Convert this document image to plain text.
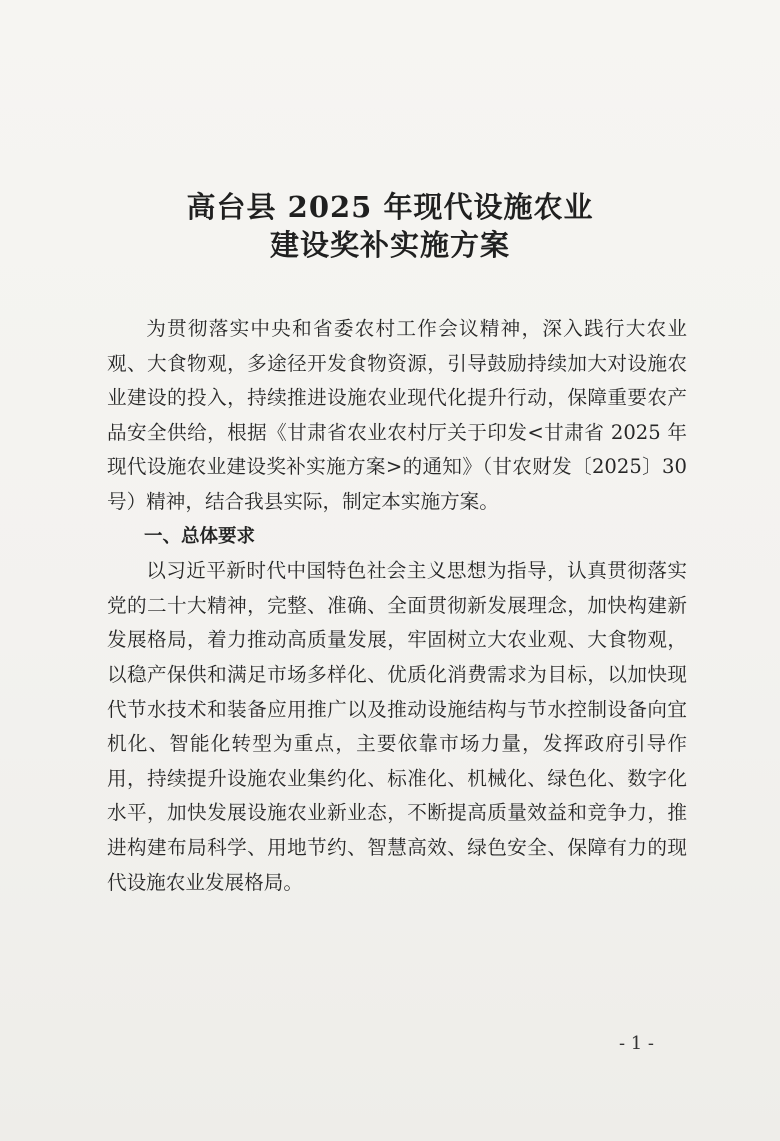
高台县 2025 年现代设施农业
建设奖补实施方案

为贯彻落实中央和省委农村工作会议精神，深入践行大农业观、大食物观，多途径开发食物资源，引导鼓励持续加大对设施农业建设的投入，持续推进设施农业现代化提升行动，保障重要农产品安全供给，根据《甘肃省农业农村厅关于印发<甘肃省 2025 年现代设施农业建设奖补实施方案>的通知》（甘农财发〔2025〕30 号）精神，结合我县实际，制定本实施方案。

一、总体要求

以习近平新时代中国特色社会主义思想为指导，认真贯彻落实党的二十大精神，完整、准确、全面贯彻新发展理念，加快构建新发展格局，着力推动高质量发展，牢固树立大农业观、大食物观，以稳产保供和满足市场多样化、优质化消费需求为目标，以加快现代节水技术和装备应用推广以及推动设施结构与节水控制设备向宜机化、智能化转型为重点，主要依靠市场力量，发挥政府引导作用，持续提升设施农业集约化、标准化、机械化、绿色化、数字化水平，加快发展设施农业新业态，不断提高质量效益和竞争力，推进构建布局科学、用地节约、智慧高效、绿色安全、保障有力的现代设施农业发展格局。

- 1 -
